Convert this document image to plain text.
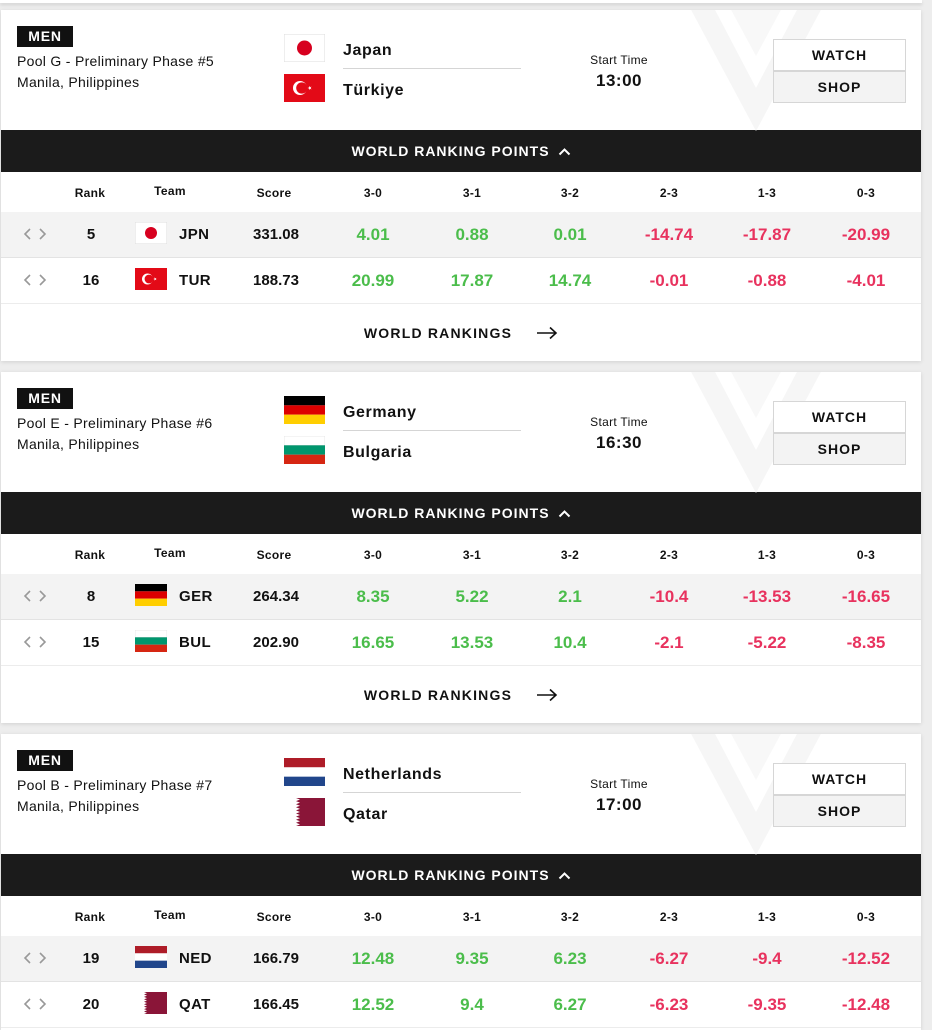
MEN
Pool G - Preliminary Phase #5
Manila, Philippines
Japan
Türkiye
Start Time
13:00
WATCH
SHOP
WORLD RANKING POINTS
Rank	Team	Score	3-0	3-1	3-2	2-3	1-3	0-3
5	JPN	331.08	4.01	0.88	0.01	-14.74	-17.87	-20.99
16	TUR	188.73	20.99	17.87	14.74	-0.01	-0.88	-4.01
WORLD RANKINGS
MEN
Pool E - Preliminary Phase #6
Manila, Philippines
Germany
Bulgaria
Start Time
16:30
WATCH
SHOP
WORLD RANKING POINTS
Rank	Team	Score	3-0	3-1	3-2	2-3	1-3	0-3
8	GER	264.34	8.35	5.22	2.1	-10.4	-13.53	-16.65
15	BUL	202.90	16.65	13.53	10.4	-2.1	-5.22	-8.35
WORLD RANKINGS
MEN
Pool B - Preliminary Phase #7
Manila, Philippines
Netherlands
Qatar
Start Time
17:00
WATCH
SHOP
WORLD RANKING POINTS
Rank	Team	Score	3-0	3-1	3-2	2-3	1-3	0-3
19	NED	166.79	12.48	9.35	6.23	-6.27	-9.4	-12.52
20	QAT	166.45	12.52	9.4	6.27	-6.23	-9.35	-12.48
